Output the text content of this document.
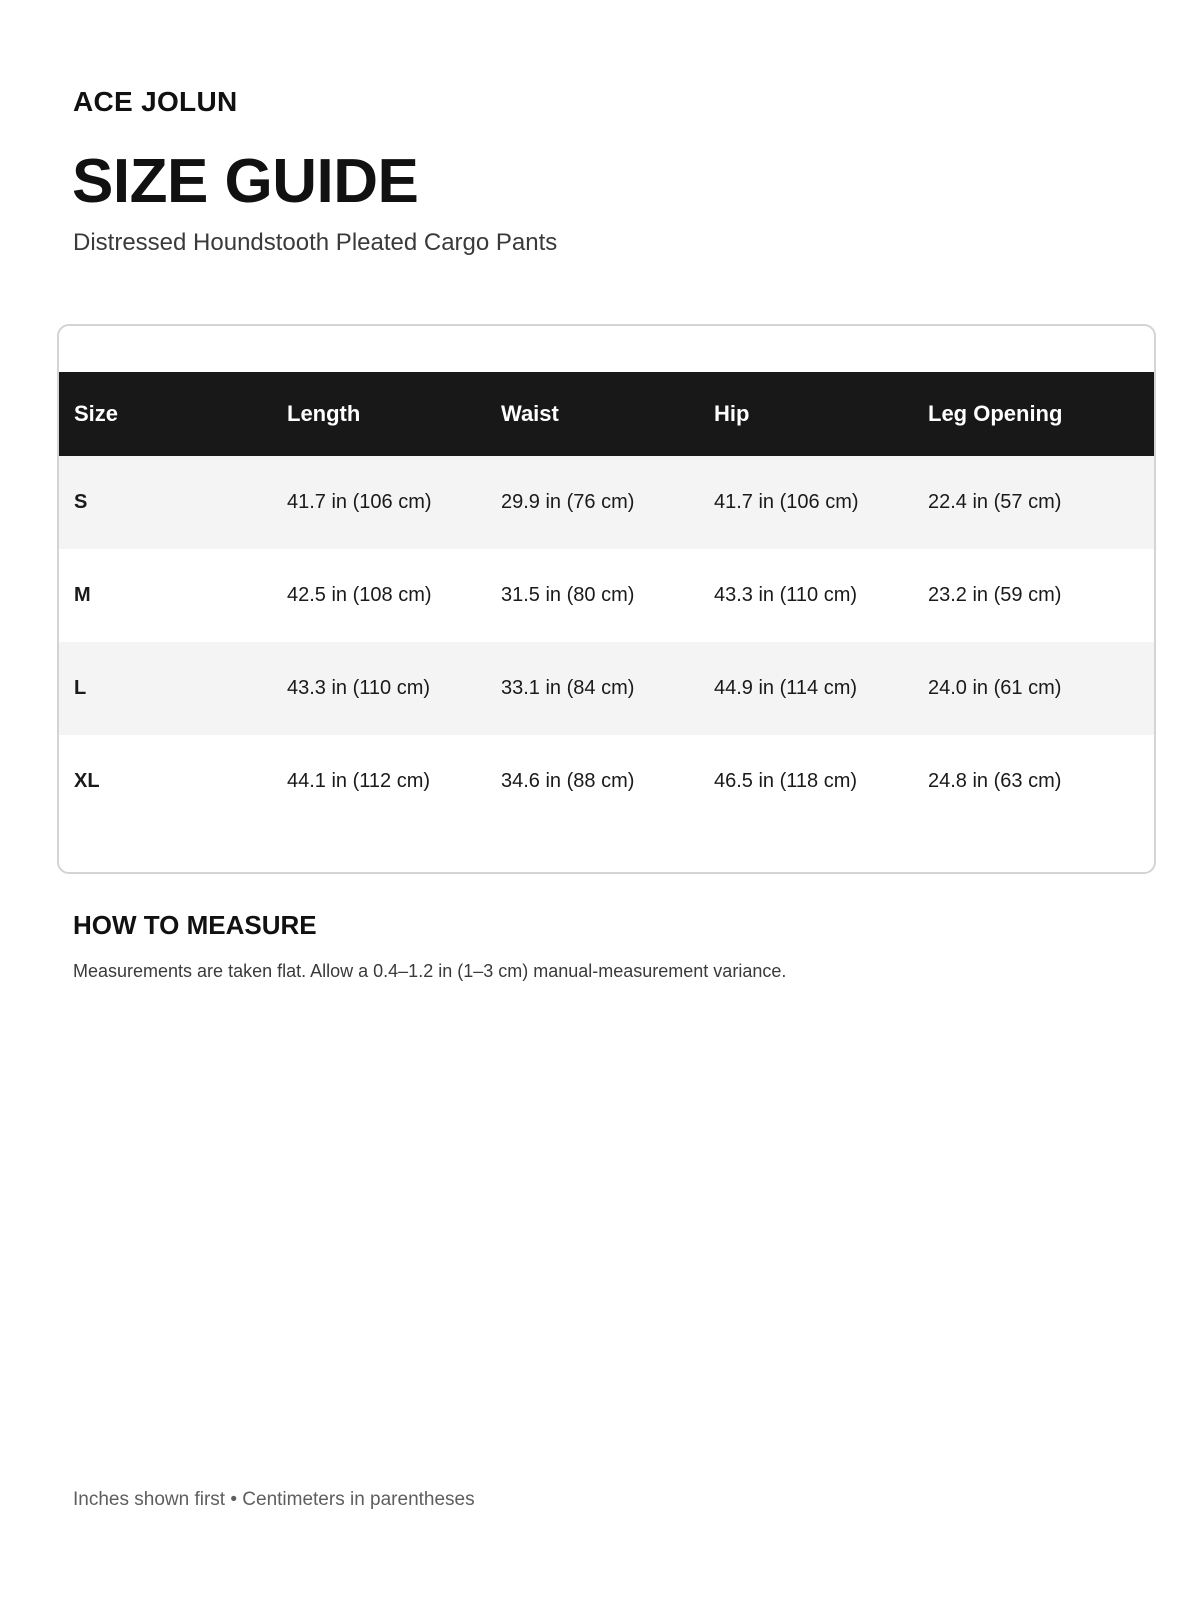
ACE JOLUN
SIZE GUIDE
Distressed Houndstooth Pleated Cargo Pants
Size	Length	Waist	Hip	Leg Opening
S	41.7 in (106 cm)	29.9 in (76 cm)	41.7 in (106 cm)	22.4 in (57 cm)
M	42.5 in (108 cm)	31.5 in (80 cm)	43.3 in (110 cm)	23.2 in (59 cm)
L	43.3 in (110 cm)	33.1 in (84 cm)	44.9 in (114 cm)	24.0 in (61 cm)
XL	44.1 in (112 cm)	34.6 in (88 cm)	46.5 in (118 cm)	24.8 in (63 cm)
HOW TO MEASURE

Measurements are taken flat. Allow a 0.4–1.2 in (1–3 cm) manual-measurement variance.

Inches shown first • Centimeters in parentheses
